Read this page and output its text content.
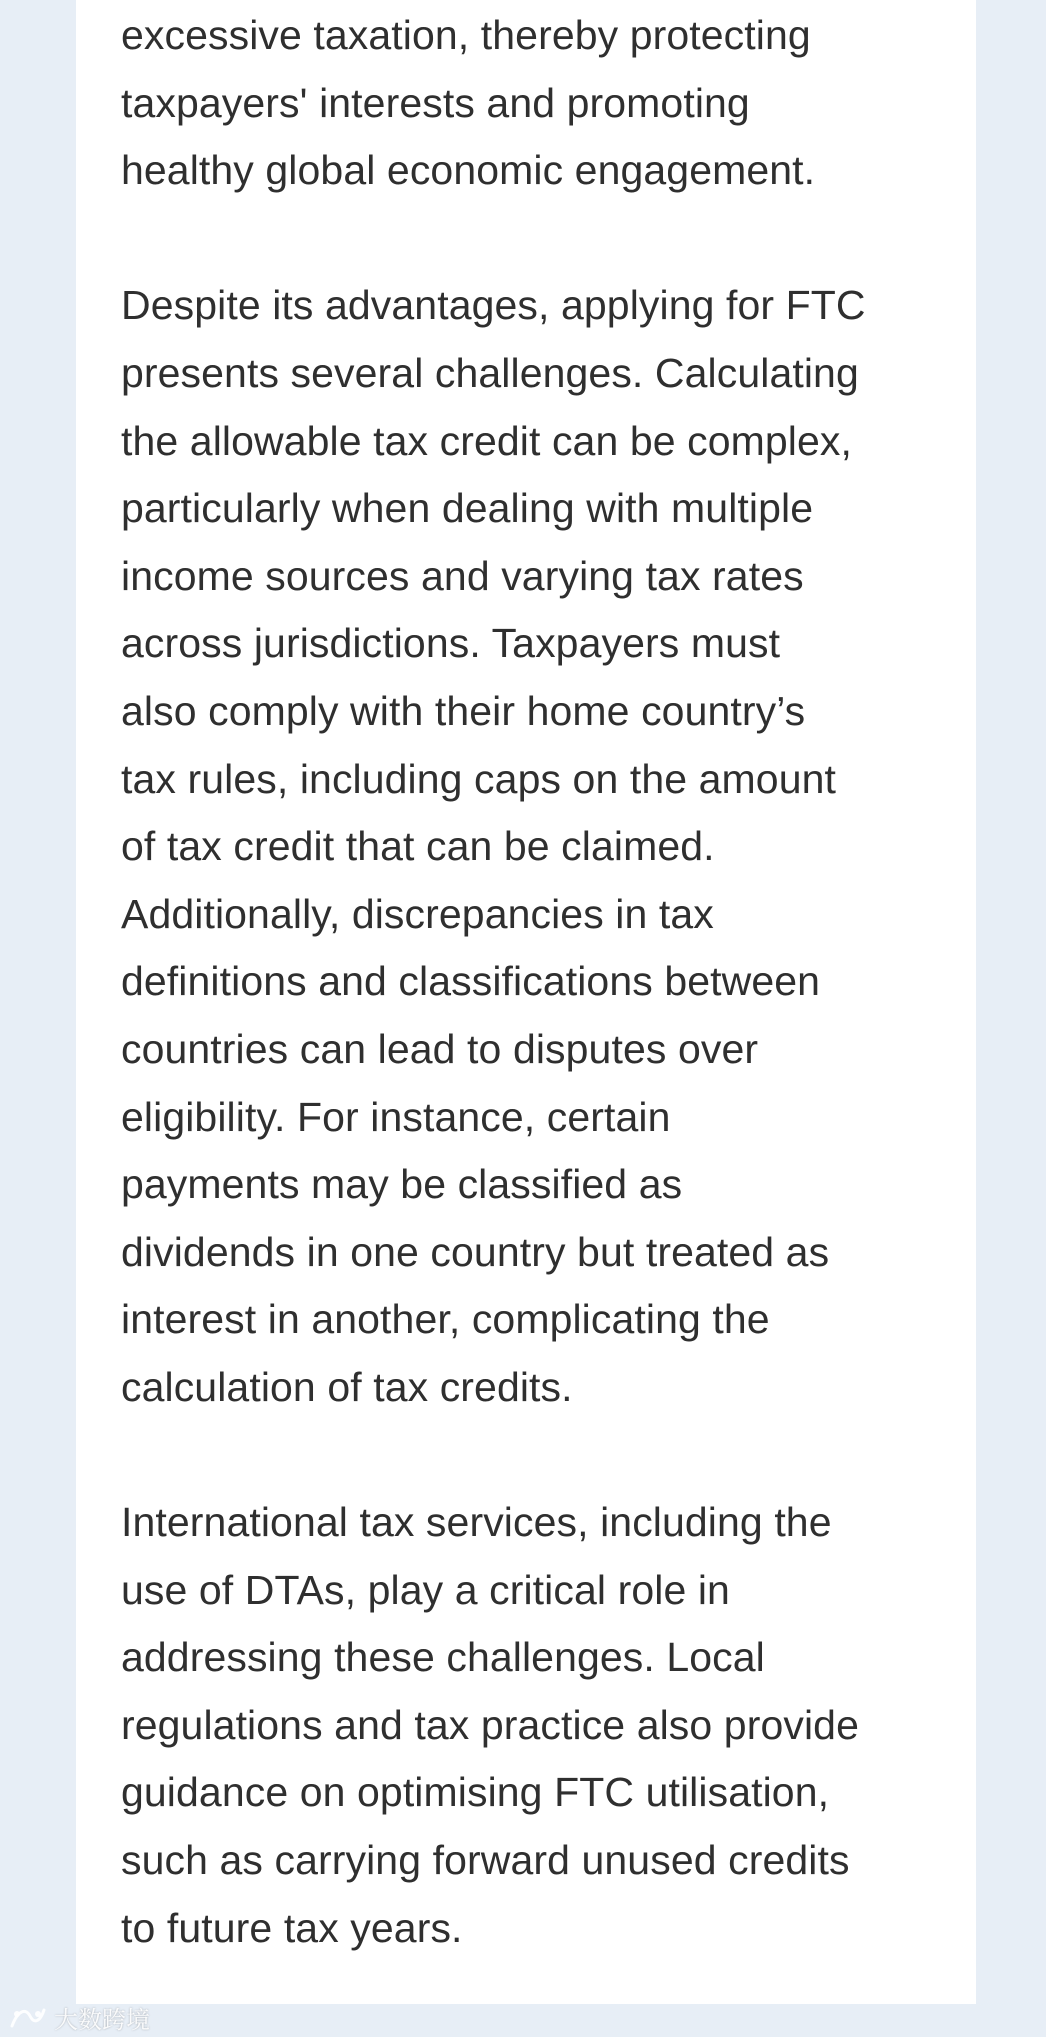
excessive taxation, thereby protecting
taxpayers' interests and promoting
healthy global economic engagement.

Despite its advantages, applying for FTC
presents several challenges. Calculating
the allowable tax credit can be complex,
particularly when dealing with multiple
income sources and varying tax rates
across jurisdictions. Taxpayers must
also comply with their home country’s
tax rules, including caps on the amount
of tax credit that can be claimed.
Additionally, discrepancies in tax
definitions and classifications between
countries can lead to disputes over
eligibility. For instance, certain
payments may be classified as
dividends in one country but treated as
interest in another, complicating the
calculation of tax credits.

International tax services, including the
use of DTAs, play a critical role in
addressing these challenges. Local
regulations and tax practice also provide
guidance on optimising FTC utilisation,
such as carrying forward unused credits
to future tax years.

大数跨境
